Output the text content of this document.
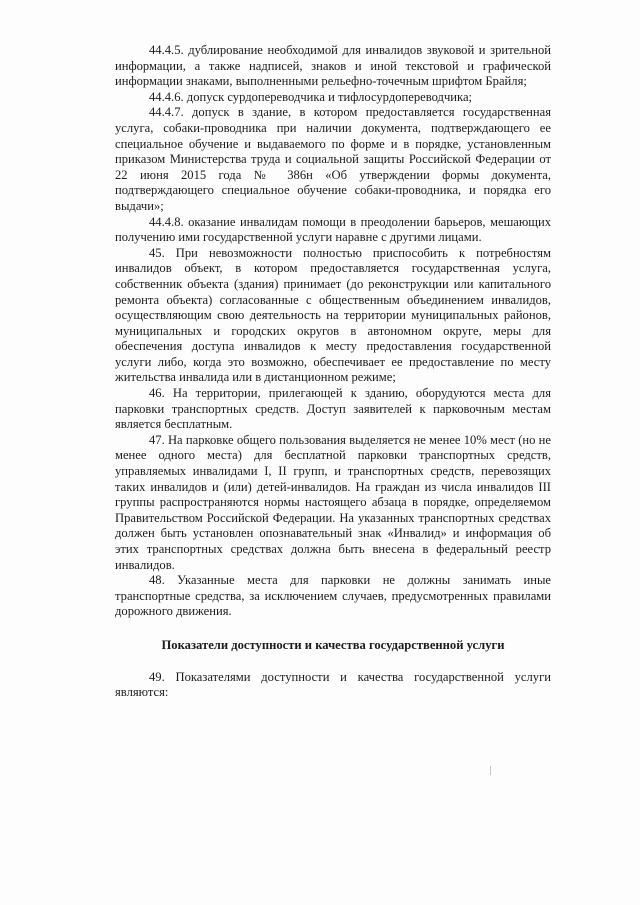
44.4.5. дублирование необходимой для инвалидов звуковой и зрительной информации, а также надписей, знаков и иной текстовой и графической информации знаками, выполненными рельефно-точечным шрифтом Брайля;

44.4.6. допуск сурдопереводчика и тифлосурдопереводчика;

44.4.7. допуск в здание, в котором предоставляется государственная услуга, собаки-проводника при наличии документа, подтверждающего ее специальное обучение и выдаваемого по форме и в порядке, установленным приказом Министерства труда и социальной защиты Российской Федерации от 22 июня 2015 года № 386н «Об утверждении формы документа, подтверждающего специальное обучение собаки-проводника, и порядка его выдачи»;

44.4.8. оказание инвалидам помощи в преодолении барьеров, мешающих получению ими государственной услуги наравне с другими лицами.

45. При невозможности полностью приспособить к потребностям инвалидов объект, в котором предоставляется государственная услуга, собственник объекта (здания) принимает (до реконструкции или капитального ремонта объекта) согласованные с общественным объединением инвалидов, осуществляющим свою деятельность на территории муниципальных районов, муниципальных и городских округов в автономном округе, меры для обеспечения доступа инвалидов к месту предоставления государственной услуги либо, когда это возможно, обеспечивает ее предоставление по месту жительства инвалида или в дистанционном режиме;

46. На территории, прилегающей к зданию, оборудуются места для парковки транспортных средств. Доступ заявителей к парковочным местам является бесплатным.

47. На парковке общего пользования выделяется не менее 10% мест (но не менее одного места) для бесплатной парковки транспортных средств, управляемых инвалидами I, II групп, и транспортных средств, перевозящих таких инвалидов и (или) детей-инвалидов. На граждан из числа инвалидов III группы распространяются нормы настоящего абзаца в порядке, определяемом Правительством Российской Федерации. На указанных транспортных средствах должен быть установлен опознавательный знак «Инвалид» и информация об этих транспортных средствах должна быть внесена в федеральный реестр инвалидов.

48. Указанные места для парковки не должны занимать иные транспортные средства, за исключением случаев, предусмотренных правилами дорожного движения.

Показатели доступности и качества государственной услуги

49. Показателями доступности и качества государственной услуги являются:
